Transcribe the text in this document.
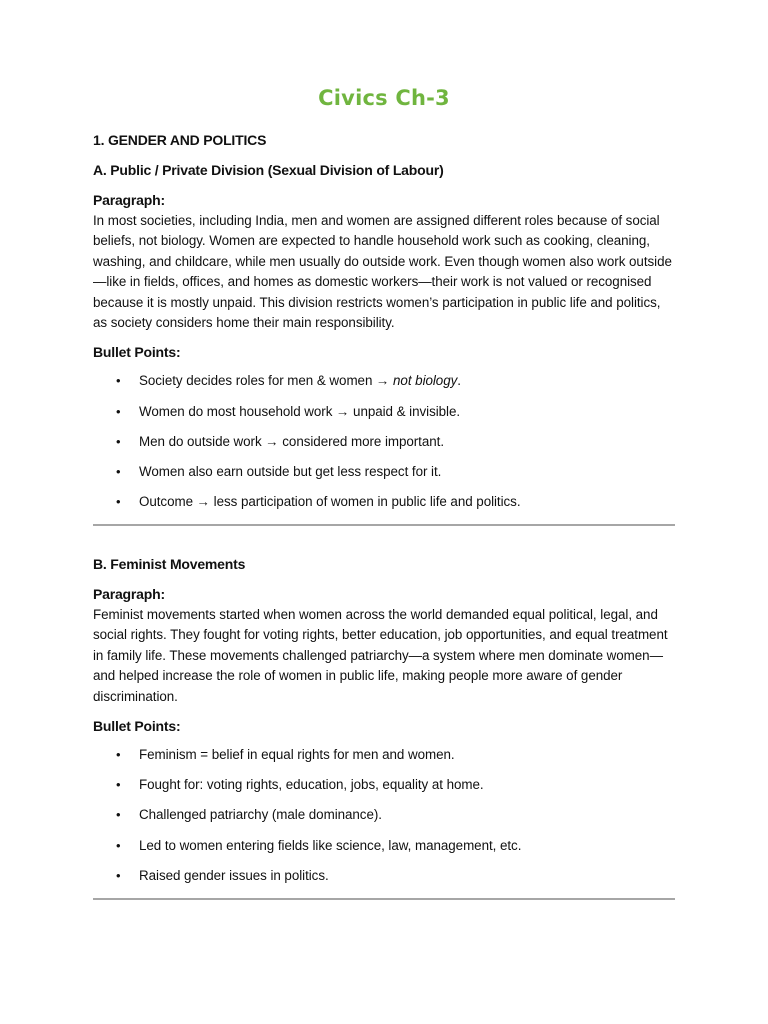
Civics Ch-3

1. GENDER AND POLITICS

A. Public / Private Division (Sexual Division of Labour)

Paragraph:

In most societies, including India, men and women are assigned different roles because of social beliefs, not biology. Women are expected to handle household work such as cooking, cleaning, washing, and childcare, while men usually do outside work. Even though women also work outside—like in fields, offices, and homes as domestic workers—their work is not valued or recognised because it is mostly unpaid. This division restricts women’s participation in public life and politics, as society considers home their main responsibility.

Bullet Points:

• Society decides roles for men & women → not biology.
• Women do most household work → unpaid & invisible.
• Men do outside work → considered more important.
• Women also earn outside but get less respect for it.
• Outcome → less participation of women in public life and politics.

B. Feminist Movements

Paragraph:

Feminist movements started when women across the world demanded equal political, legal, and social rights. They fought for voting rights, better education, job opportunities, and equal treatment in family life. These movements challenged patriarchy—a system where men dominate women—and helped increase the role of women in public life, making people more aware of gender discrimination.

Bullet Points:

• Feminism = belief in equal rights for men and women.
• Fought for: voting rights, education, jobs, equality at home.
• Challenged patriarchy (male dominance).
• Led to women entering fields like science, law, management, etc.
• Raised gender issues in politics.
